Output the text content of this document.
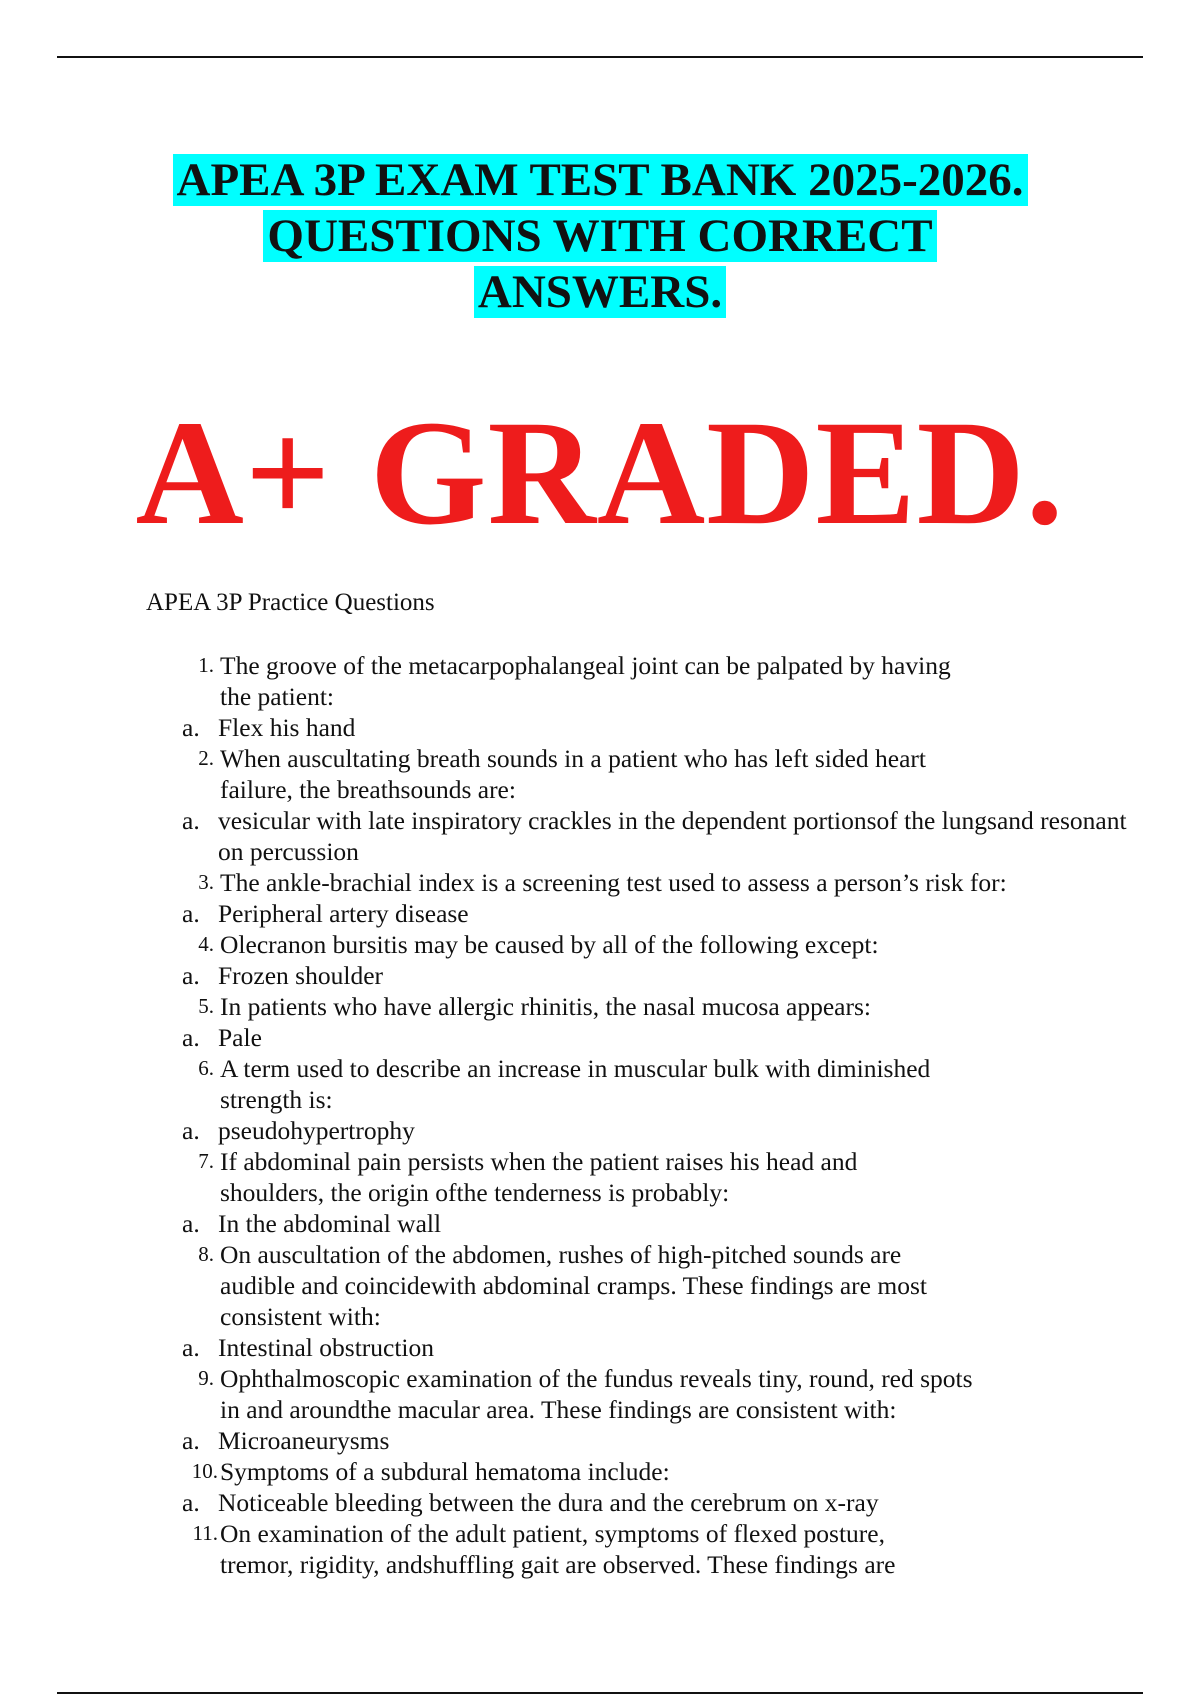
APEA 3P EXAM TEST BANK 2025-2026.
QUESTIONS WITH CORRECT
ANSWERS.
A+ GRADED.

APEA 3P Practice Questions

1. The groove of the metacarpophalangeal joint can be palpated by having
the patient:
a. Flex his hand
2. When auscultating breath sounds in a patient who has left sided heart
failure, the breathsounds are:
a. vesicular with late inspiratory crackles in the dependent portionsof the lungsand resonant on percussion
3. The ankle-brachial index is a screening test used to assess a person’s risk for:
a. Peripheral artery disease
4. Olecranon bursitis may be caused by all of the following except:
a. Frozen shoulder
5. In patients who have allergic rhinitis, the nasal mucosa appears:
a. Pale
6. A term used to describe an increase in muscular bulk with diminished
strength is:
a. pseudohypertrophy
7. If abdominal pain persists when the patient raises his head and
shoulders, the origin ofthe tenderness is probably:
a. In the abdominal wall
8. On auscultation of the abdomen, rushes of high-pitched sounds are
audible and coincidewith abdominal cramps. These findings are most
consistent with:
a. Intestinal obstruction
9. Ophthalmoscopic examination of the fundus reveals tiny, round, red spots
in and aroundthe macular area. These findings are consistent with:
a. Microaneurysms
10. Symptoms of a subdural hematoma include:
a. Noticeable bleeding between the dura and the cerebrum on x-ray
11. On examination of the adult patient, symptoms of flexed posture,
tremor, rigidity, andshuffling gait are observed. These findings are
